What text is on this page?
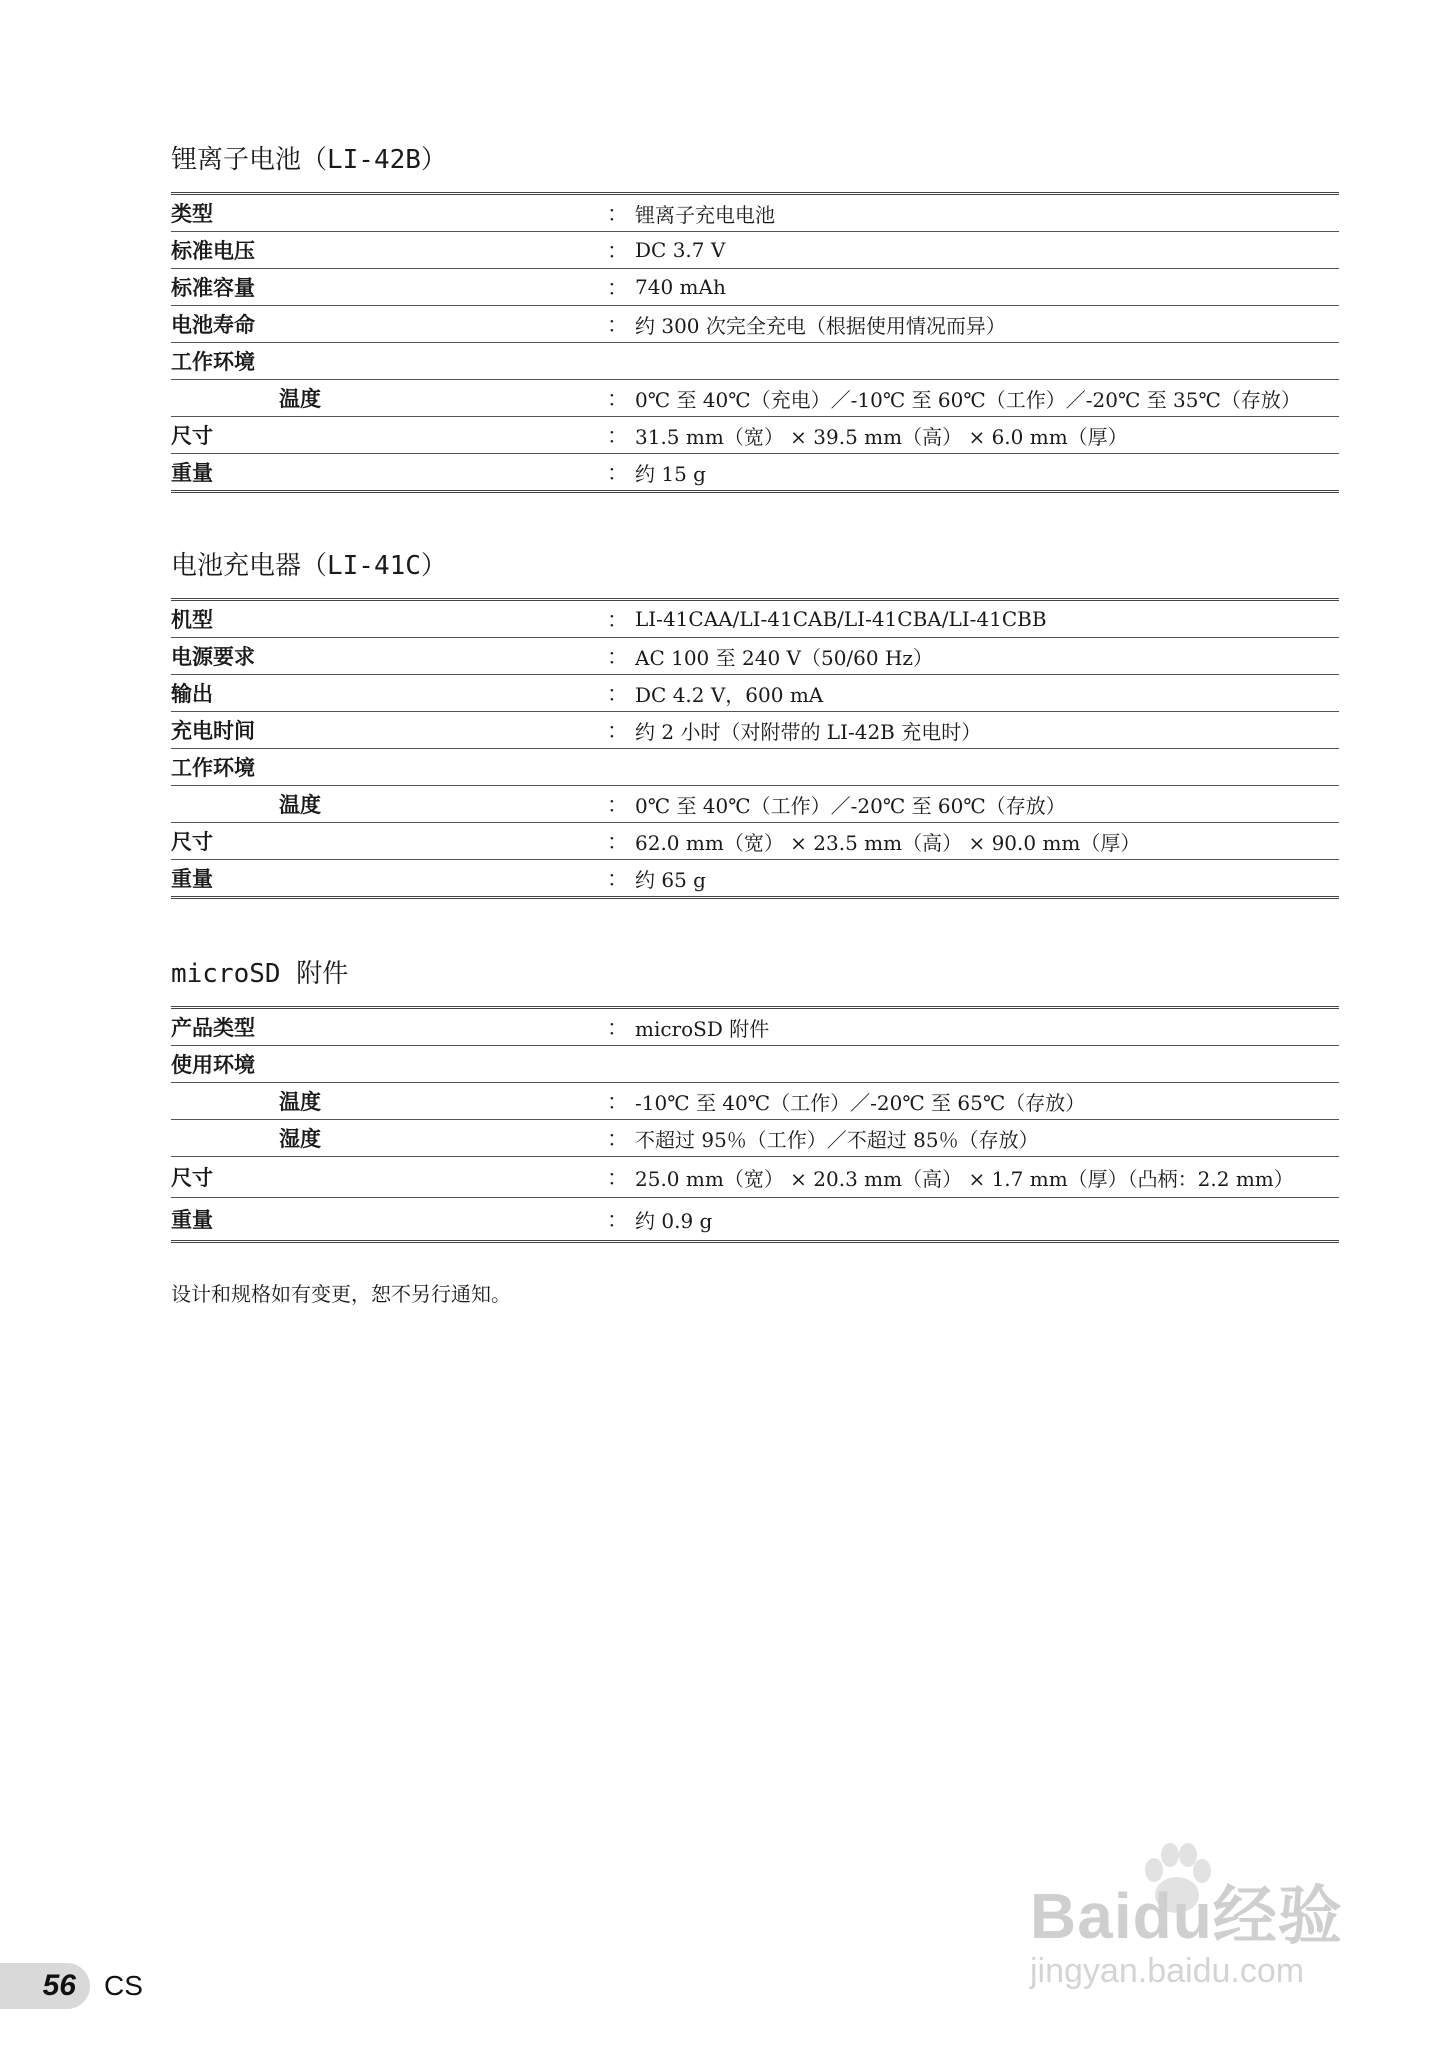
锂离子电池（LI-42B）
类型	：	锂离子充电电池
标准电压	：	DC 3.7 V
标准容量	：	740 mAh
电池寿命	：	约 300 次完全充电（根据使用情况而异）
工作环境		
温度	：	0℃ 至 40℃（充电）／-10℃ 至 60℃（工作）／-20℃ 至 35℃（存放）
尺寸	：	31.5 mm（宽） × 39.5 mm（高） × 6.0 mm（厚）
重量	：	约 15 g
电池充电器（LI-41C）
机型	：	LI-41CAA/LI-41CAB/LI-41CBA/LI-41CBB
电源要求	：	AC 100 至 240 V（50/60 Hz）
输出	：	DC 4.2 V，600 mA
充电时间	：	约 2 小时（对附带的 LI-42B 充电时）
工作环境		
温度	：	0℃ 至 40℃（工作）／-20℃ 至 60℃（存放）
尺寸	：	62.0 mm（宽） × 23.5 mm（高） × 90.0 mm（厚）
重量	：	约 65 g
microSD 附件
产品类型	：	microSD 附件
使用环境		
温度	：	-10℃ 至 40℃（工作）／-20℃ 至 65℃（存放）
湿度	：	不超过 95％（工作）／不超过 85％（存放）
尺寸	：	25.0 mm（宽） × 20.3 mm（高） × 1.7 mm（厚）（凸柄：2.2 mm）
重量	：	约 0.9 g
设计和规格如有变更，恕不另行通知。
Baidu经验
jingyan.baidu.com
56	CS
